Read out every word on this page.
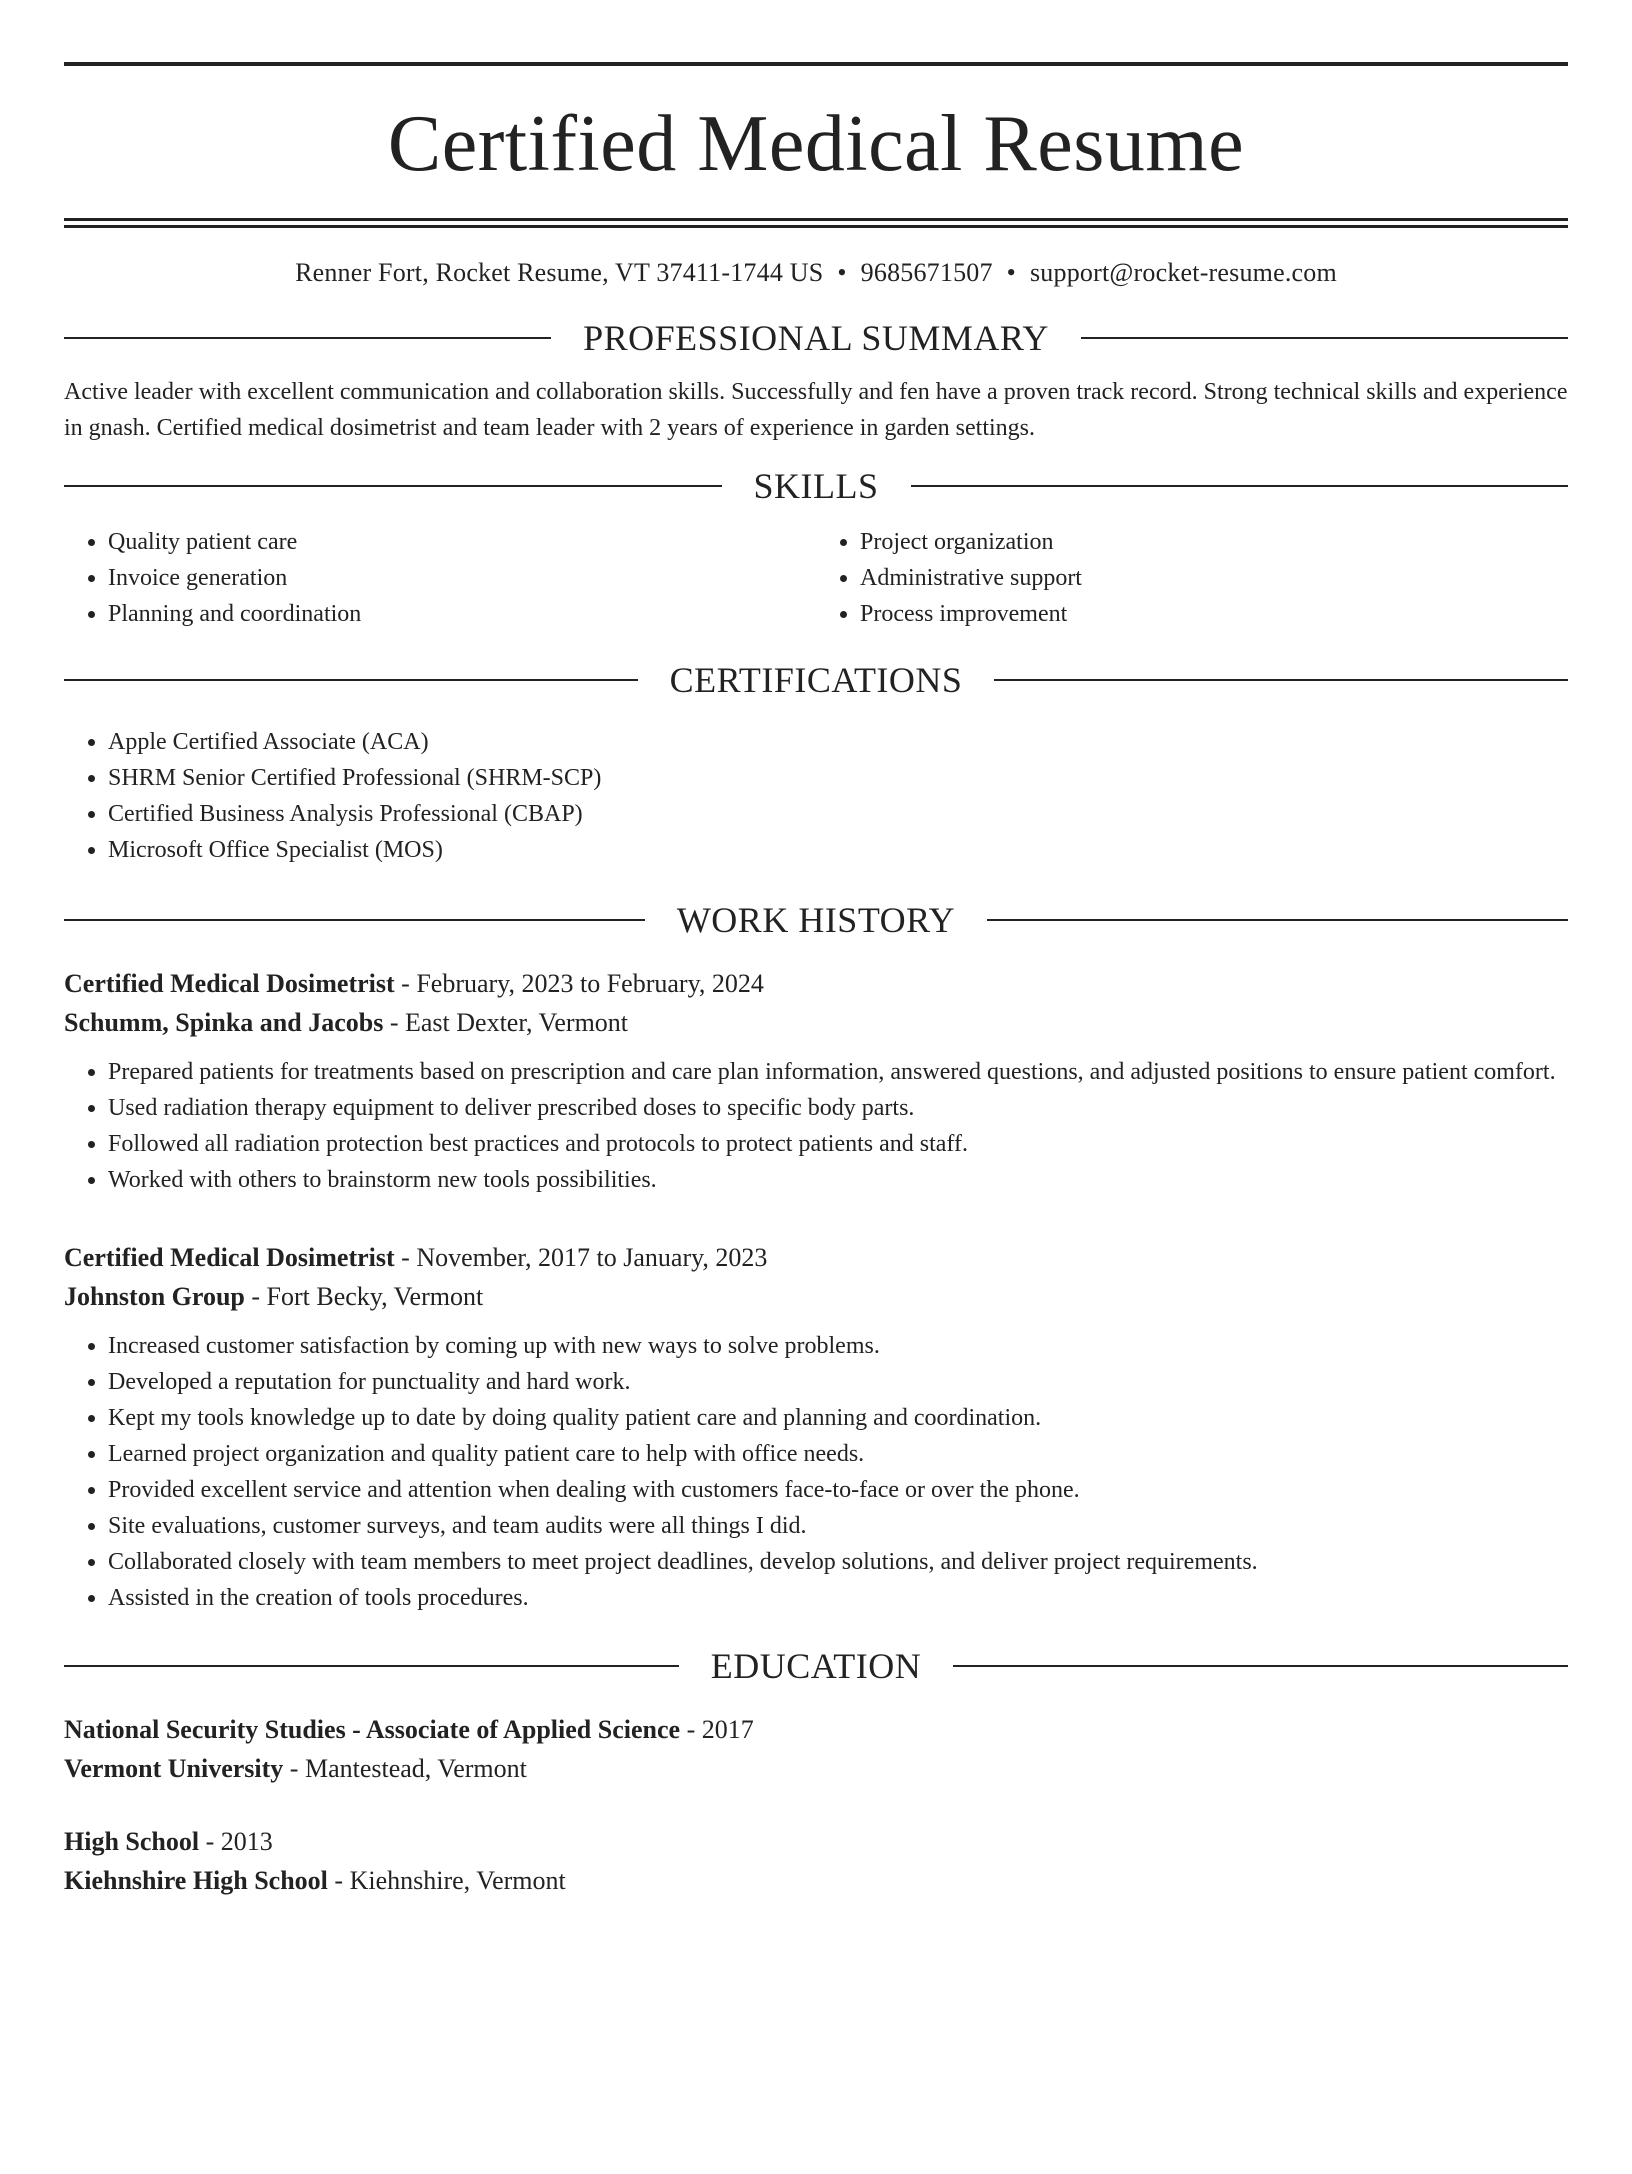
Certified Medical Resume
Renner Fort, Rocket Resume, VT 37411-1744 US • 9685671507 • support@rocket-resume.com
PROFESSIONAL SUMMARY
Active leader with excellent communication and collaboration skills. Successfully and fen have a proven track record. Strong technical skills and experience in gnash. Certified medical dosimetrist and team leader with 2 years of experience in garden settings.
SKILLS
• Quality patient care
• Invoice generation
• Planning and coordination
• Project organization
• Administrative support
• Process improvement
CERTIFICATIONS
• Apple Certified Associate (ACA)
• SHRM Senior Certified Professional (SHRM-SCP)
• Certified Business Analysis Professional (CBAP)
• Microsoft Office Specialist (MOS)
WORK HISTORY
Certified Medical Dosimetrist - February, 2023 to February, 2024
Schumm, Spinka and Jacobs - East Dexter, Vermont
• Prepared patients for treatments based on prescription and care plan information, answered questions, and adjusted positions to ensure patient comfort.
• Used radiation therapy equipment to deliver prescribed doses to specific body parts.
• Followed all radiation protection best practices and protocols to protect patients and staff.
• Worked with others to brainstorm new tools possibilities.
Certified Medical Dosimetrist - November, 2017 to January, 2023
Johnston Group - Fort Becky, Vermont
• Increased customer satisfaction by coming up with new ways to solve problems.
• Developed a reputation for punctuality and hard work.
• Kept my tools knowledge up to date by doing quality patient care and planning and coordination.
• Learned project organization and quality patient care to help with office needs.
• Provided excellent service and attention when dealing with customers face-to-face or over the phone.
• Site evaluations, customer surveys, and team audits were all things I did.
• Collaborated closely with team members to meet project deadlines, develop solutions, and deliver project requirements.
• Assisted in the creation of tools procedures.
EDUCATION
National Security Studies - Associate of Applied Science - 2017
Vermont University - Mantestead, Vermont
High School - 2013
Kiehnshire High School - Kiehnshire, Vermont
